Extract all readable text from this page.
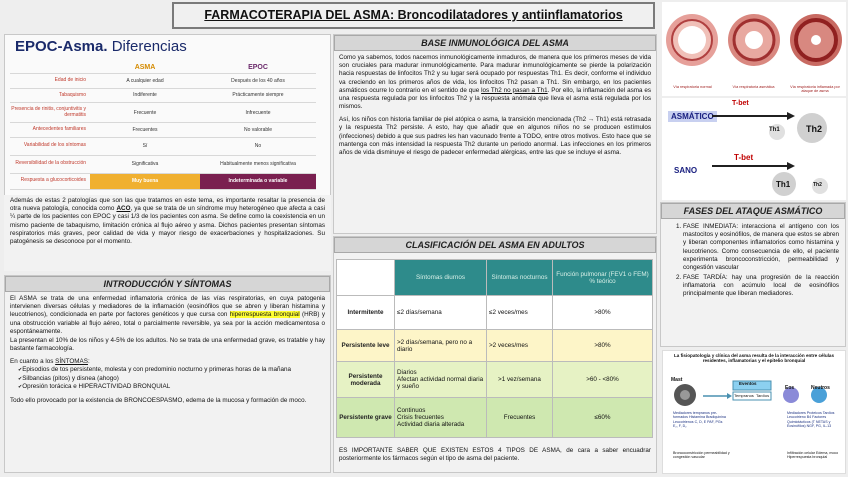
FARMACOTERAPIA DEL ASMA: Broncodilatadores y antiinflamatorios
EPOC-Asma. Diferencias
ASMA	EPOC
Edad de inicio	A cualquier edad	Después de los 40 años
Tabaquismo	Indiferente	Prácticamente siempre
Presencia de rinitis, conjuntivitis y dermatitis	Frecuente	Infrecuente
Antecedentes familiares	Frecuentes	No valorable
Variabilidad de los síntomas	Sí	No
Reversibilidad de la obstrucción	Significativa	Habitualmente menos significativa
Respuesta a glucocorticoides	Muy buena	Indeterminada o variable
Además de estas 2 patologías que son las que tratamos en este tema, es importante resaltar la presencia de otra nueva patología, conocida como ACO, ya que se trata de un síndrome muy heterogéneo que afecta a casi ¼ parte de los pacientes con EPOC y casi 1/3 de los pacientes con asma. Se define como la coexistencia en un mismo paciente de tabaquismo, limitación crónica al flujo aéreo y asma. Dichos pacientes presentan síntomas respiratorios más graves, peor calidad de vida y mayor riesgo de exacerbaciones y hospitalizaciones. Su patogénesis se desconoce por el momento.
INTRODUCCIÓN Y SÍNTOMAS

El ASMA se trata de una enfermedad inflamatoria crónica de las vías respiratorias, en cuya patogenia intervienen diversas células y mediadores de la inflamación (eosinófilos que se abren y liberan histamina y leucotrienos), condicionada en parte por factores genéticos y que cursa con hiperrespuesta bronquial (HRB) y una obstrucción variable al flujo aéreo, total o parcialmente reversible, ya sea por la acción medicamentosa o espontáneamente.

La presentan el 10% de los niños y 4-5% de los adultos. No se trata de una enfermedad grave, es tratable y hay bastante farmacología.

En cuanto a los SÍNTOMAS:

✔ Episodios de tos persistente, molesta y con predominio nocturno y primeras horas de la mañana
✔ Silbancias (pitos) y disnea (ahogo)
✔ Opresión torácica e HIPERACTIVIDAD BRONQUIAL

Todo ello provocado por la existencia de BRONCOESPASMO, edema de la mucosa y formación de moco.

BASE INMUNOLÓGICA DEL ASMA

Como ya sabemos, todos nacemos inmunológicamente inmaduros, de manera que los primeros meses de vida son cruciales para madurar inmunológicamente. Para madurar inmunológicamente se pierde la polarización hacia respuestas de linfocitos Th2 y su lugar será ocupado por respuestas Th1. Es decir, conforme el individuo va creciendo en los primeros años de vida, los linfocitos Th2 pasan a Th1. Sin embargo, en los pacientes asmáticos ocurre lo contrario en el sentido de que los Th2 no pasan a Th1. Por ello, la inflamación del asma es una respuesta regulada por los linfocitos Th2 y la respuesta anómala que lleva el asma está regulada por los mismos.

Así, los niños con historia familiar de piel atópica o asma, la transición mencionada (Th2 → Th1) está retrasada y la respuesta Th2 persiste. A esto, hay que añadir que en algunos niños no se producen estímulos (infecciones) debido a que sus padres les han vacunado frente a TODO, entre otros motivos. Esto hace que se mantenga con más intensidad la respuesta Th2 durante un periodo anormal. Las infecciones en los primeros años de vida disminuye el riesgo de padecer enfermedad alérgicas, entre las que se incluye el asma.

CLASIFICACIÓN DEL ASMA EN ADULTOS
	Síntomas diurnos	Síntomas nocturnos	Función pulmonar (FEV1 o FEM) % teórico
Intermitente	≤2 días/semana	≤2 veces/mes	>80%
Persistente leve	>2 días/semana, pero no a diario	>2 veces/mes	>80%
Persistente moderada	Diarios
Afectan actividad normal diaria y sueño	>1 vez/semana	>60 - <80%
Persistente grave	Continuos
Crisis frecuentes
Actividad diaria alterada	Frecuentes	≤60%
ES IMPORTANTE SABER QUE EXISTEN ESTOS 4 TIPOS DE ASMA, de cara a saber encuadrar posteriormente los fármacos según el tipo de asma del paciente.
Vía respiratoria normal	Vía respiratoria asmática	Vía respiratoria inflamada por ataque de asma
ASMÁTICO
SANO
T-bet
Th1	Th2
T-bet
Th1	Th2
FASES DEL ATAQUE ASMÁTICO
1. FASE INMEDIATA: interacciona el antígeno con los mastocitos y eosinófilos, de manera que estos se abren y liberan componentes inflamatorios como histamina y leucotrienos. Como consecuencia de ello, el paciente experimenta broncoconstricción, permeabilidad y congestión vascular
2. FASE TARDÍA: hay una progresión de la reacción inflamatoria con acúmulo local de eosinófilos principalmente que liberan mediadores.
La fisiopatología y clínica del asma resulta de la interacción entre células residentes, inflamatorias y el epitelio bronquial
Mast
Eos	Neutros
Eventos
Tempranos Tardíos
Mediadores tempranos pre-formados Histamina Bradiquinina Leucotrienos C, D, E PAF, PGs E₂, F, D₂
Mediadores Proteicos Tardíos Leucotrieno B4 Factores Quimiotácticos (T NETAS y Eosinófilos) NGF, PG, IL-13
Broncoconstricción permeabilidad y congestión vascular
Infiltración celular Edema, moco Hiperrespuesta bronquial
